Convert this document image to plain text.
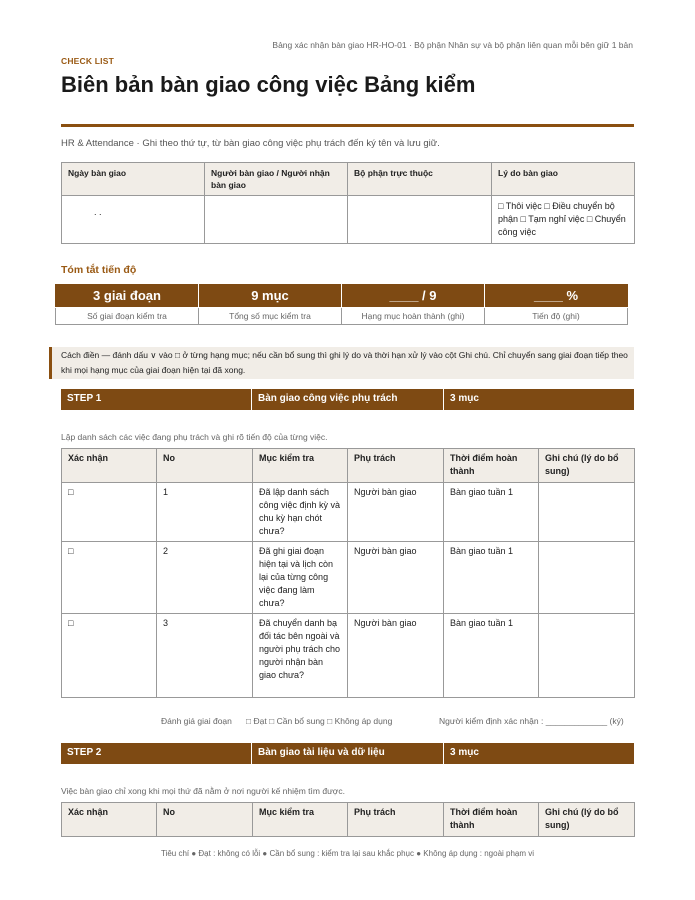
Bảng xác nhận bàn giao HR-HO-01 · Bộ phận Nhân sự và bộ phận liên quan mỗi bên giữ 1 bản
CHECK LIST
Biên bản bàn giao công việc Bảng kiểm
HR & Attendance · Ghi theo thứ tự, từ bàn giao công việc phụ trách đến ký tên và lưu giữ.
Ngày bàn giao	Người bàn giao / Người nhận bàn giao	Bộ phận trực thuộc	Lý do bàn giao

. .			□ Thôi việc □ Điều chuyển bộ phận □ Tạm nghỉ việc □ Chuyển công việc
Tóm tắt tiến độ
3 giai đoạn	9 mục	____ / 9	____ %
Số giai đoạn kiểm tra	Tổng số mục kiểm tra	Hạng mục hoàn thành (ghi)	Tiến độ (ghi)
Cách điền — đánh dấu ∨ vào □ ở từng hạng mục; nếu cần bổ sung thì ghi lý do và thời hạn xử lý vào cột Ghi chú. Chỉ chuyển sang giai đoạn tiếp theo khi mọi hạng mục của giai đoạn hiện tại đã xong.
STEP 1	Bàn giao công việc phụ trách	3 mục
Lập danh sách các việc đang phụ trách và ghi rõ tiến độ của từng việc.
Xác nhận	No	Mục kiểm tra	Phụ trách	Thời điểm hoàn thành	Ghi chú (lý do bổ sung)
□	1	Đã lập danh sách công việc định kỳ và chu kỳ hạn chót chưa?	Người bàn giao	Bàn giao tuần 1	
□	2	Đã ghi giai đoạn hiện tại và lịch còn lại của từng công việc đang làm chưa?	Người bàn giao	Bàn giao tuần 1	
□	3	Đã chuyển danh bạ đối tác bên ngoài và người phụ trách cho người nhận bàn giao chưa?	Người bàn giao	Bàn giao tuần 1	
Đánh giá giai đoạn □ Đạt □ Cần bổ sung □ Không áp dụng	Người kiểm định xác nhận : _____________ (ký)
STEP 2	Bàn giao tài liệu và dữ liệu	3 mục
Việc bàn giao chỉ xong khi mọi thứ đã nằm ở nơi người kế nhiệm tìm được.
Xác nhận	No	Mục kiểm tra	Phụ trách	Thời điểm hoàn thành	Ghi chú (lý do bổ sung)
Tiêu chí ● Đạt : không có lỗi ● Cần bổ sung : kiểm tra lại sau khắc phục ● Không áp dụng : ngoài phạm vi
